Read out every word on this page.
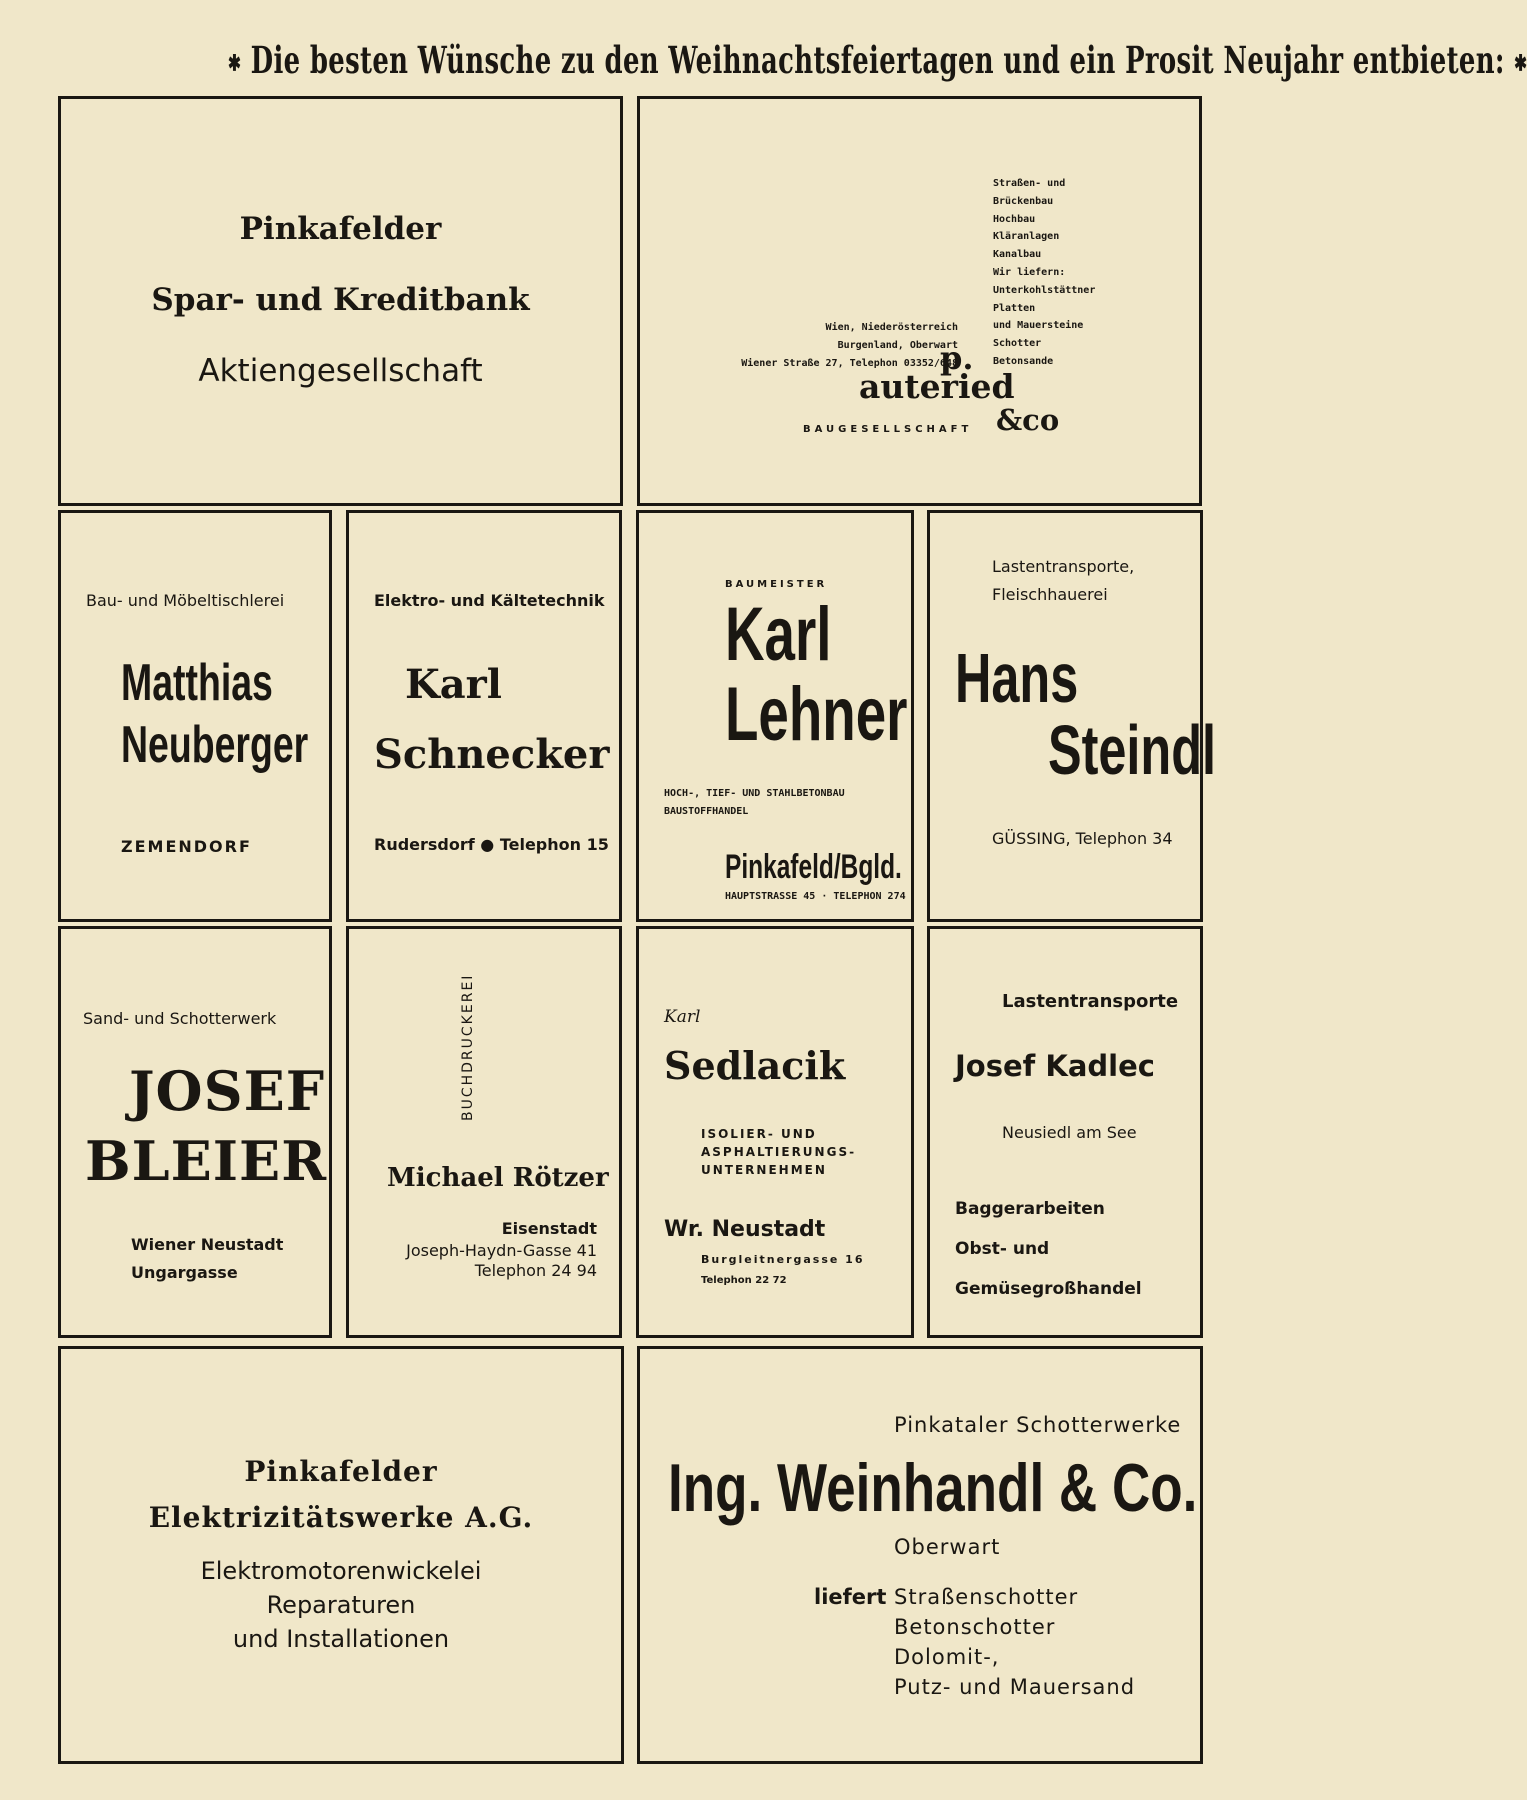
✱ Die besten Wünsche zu den Weihnachtsfeiertagen und ein Prosit Neujahr entbieten: ✱
Pinkafelder
Spar- und Kreditbank
Aktiengesellschaft
Straßen- und
Brückenbau
Hochbau
Kläranlagen
Kanalbau
Wir liefern:
Unterkohlstättner
Platten
und Mauersteine
Schotter
Betonsande
Wien, Niederösterreich
Burgenland, Oberwart
Wiener Straße 27, Telephon 03352/648
p.
auteried
&co
BAUGESELLSCHAFT
Bau- und Möbeltischlerei
Matthias
Neuberger
ZEMENDORF
Elektro- und Kältetechnik
Karl
Schnecker
Rudersdorf ● Telephon 15
BAUMEISTER
Karl
Lehner
HOCH-, TIEF- UND STAHLBETONBAU
BAUSTOFFHANDEL
Pinkafeld/Bgld.
HAUPTSTRASSE 45 · TELEPHON 274
Lastentransporte,
Fleischhauerei
Hans
Steindl
GÜSSING, Telephon 34
Sand- und Schotterwerk
JOSEF
BLEIER
Wiener Neustadt
Ungargasse
BUCHDRUCKEREI
Michael Rötzer
Eisenstadt
Joseph-Haydn-Gasse 41
Telephon 24 94
Karl
Sedlacik
ISOLIER- UND
ASPHALTIERUNGS-
UNTERNEHMEN
Wr. Neustadt
Burgleitnergasse 16
Telephon 22 72
Lastentransporte
Josef Kadlec
Neusiedl am See
Baggerarbeiten
Obst- und
Gemüsegroßhandel
Pinkafelder
Elektrizitätswerke A.G.
Elektromotorenwickelei
Reparaturen
und Installationen
Pinkataler Schotterwerke
Ing. Weinhandl & Co.
Oberwart
liefert Straßenschotter
Betonschotter
Dolomit-,
Putz- und Mauersand
